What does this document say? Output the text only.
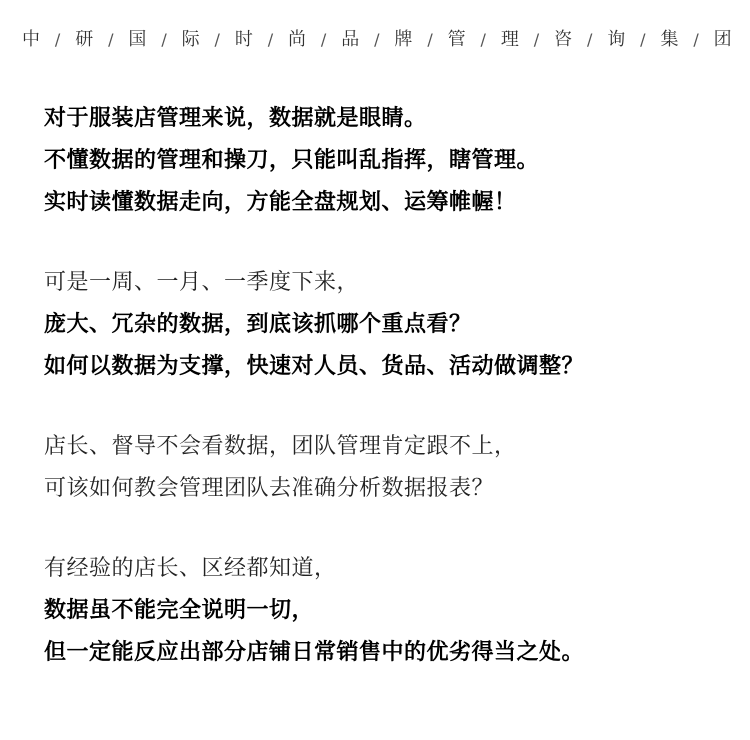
中 / 研 / 国 / 际 / 时 / 尚 / 品 / 牌 / 管 / 理 / 咨 / 询 / 集 / 团
对于服装店管理来说，数据就是眼睛。
不懂数据的管理和操刀，只能叫乱指挥，瞎管理。
实时读懂数据走向，方能全盘规划、运筹帷幄！
可是一周、一月、一季度下来，
庞大、冗杂的数据，到底该抓哪个重点看？
如何以数据为支撑，快速对人员、货品、活动做调整？
店长、督导不会看数据，团队管理肯定跟不上，
可该如何教会管理团队去准确分析数据报表？
有经验的店长、区经都知道，
数据虽不能完全说明一切，
但一定能反应出部分店铺日常销售中的优劣得当之处。
